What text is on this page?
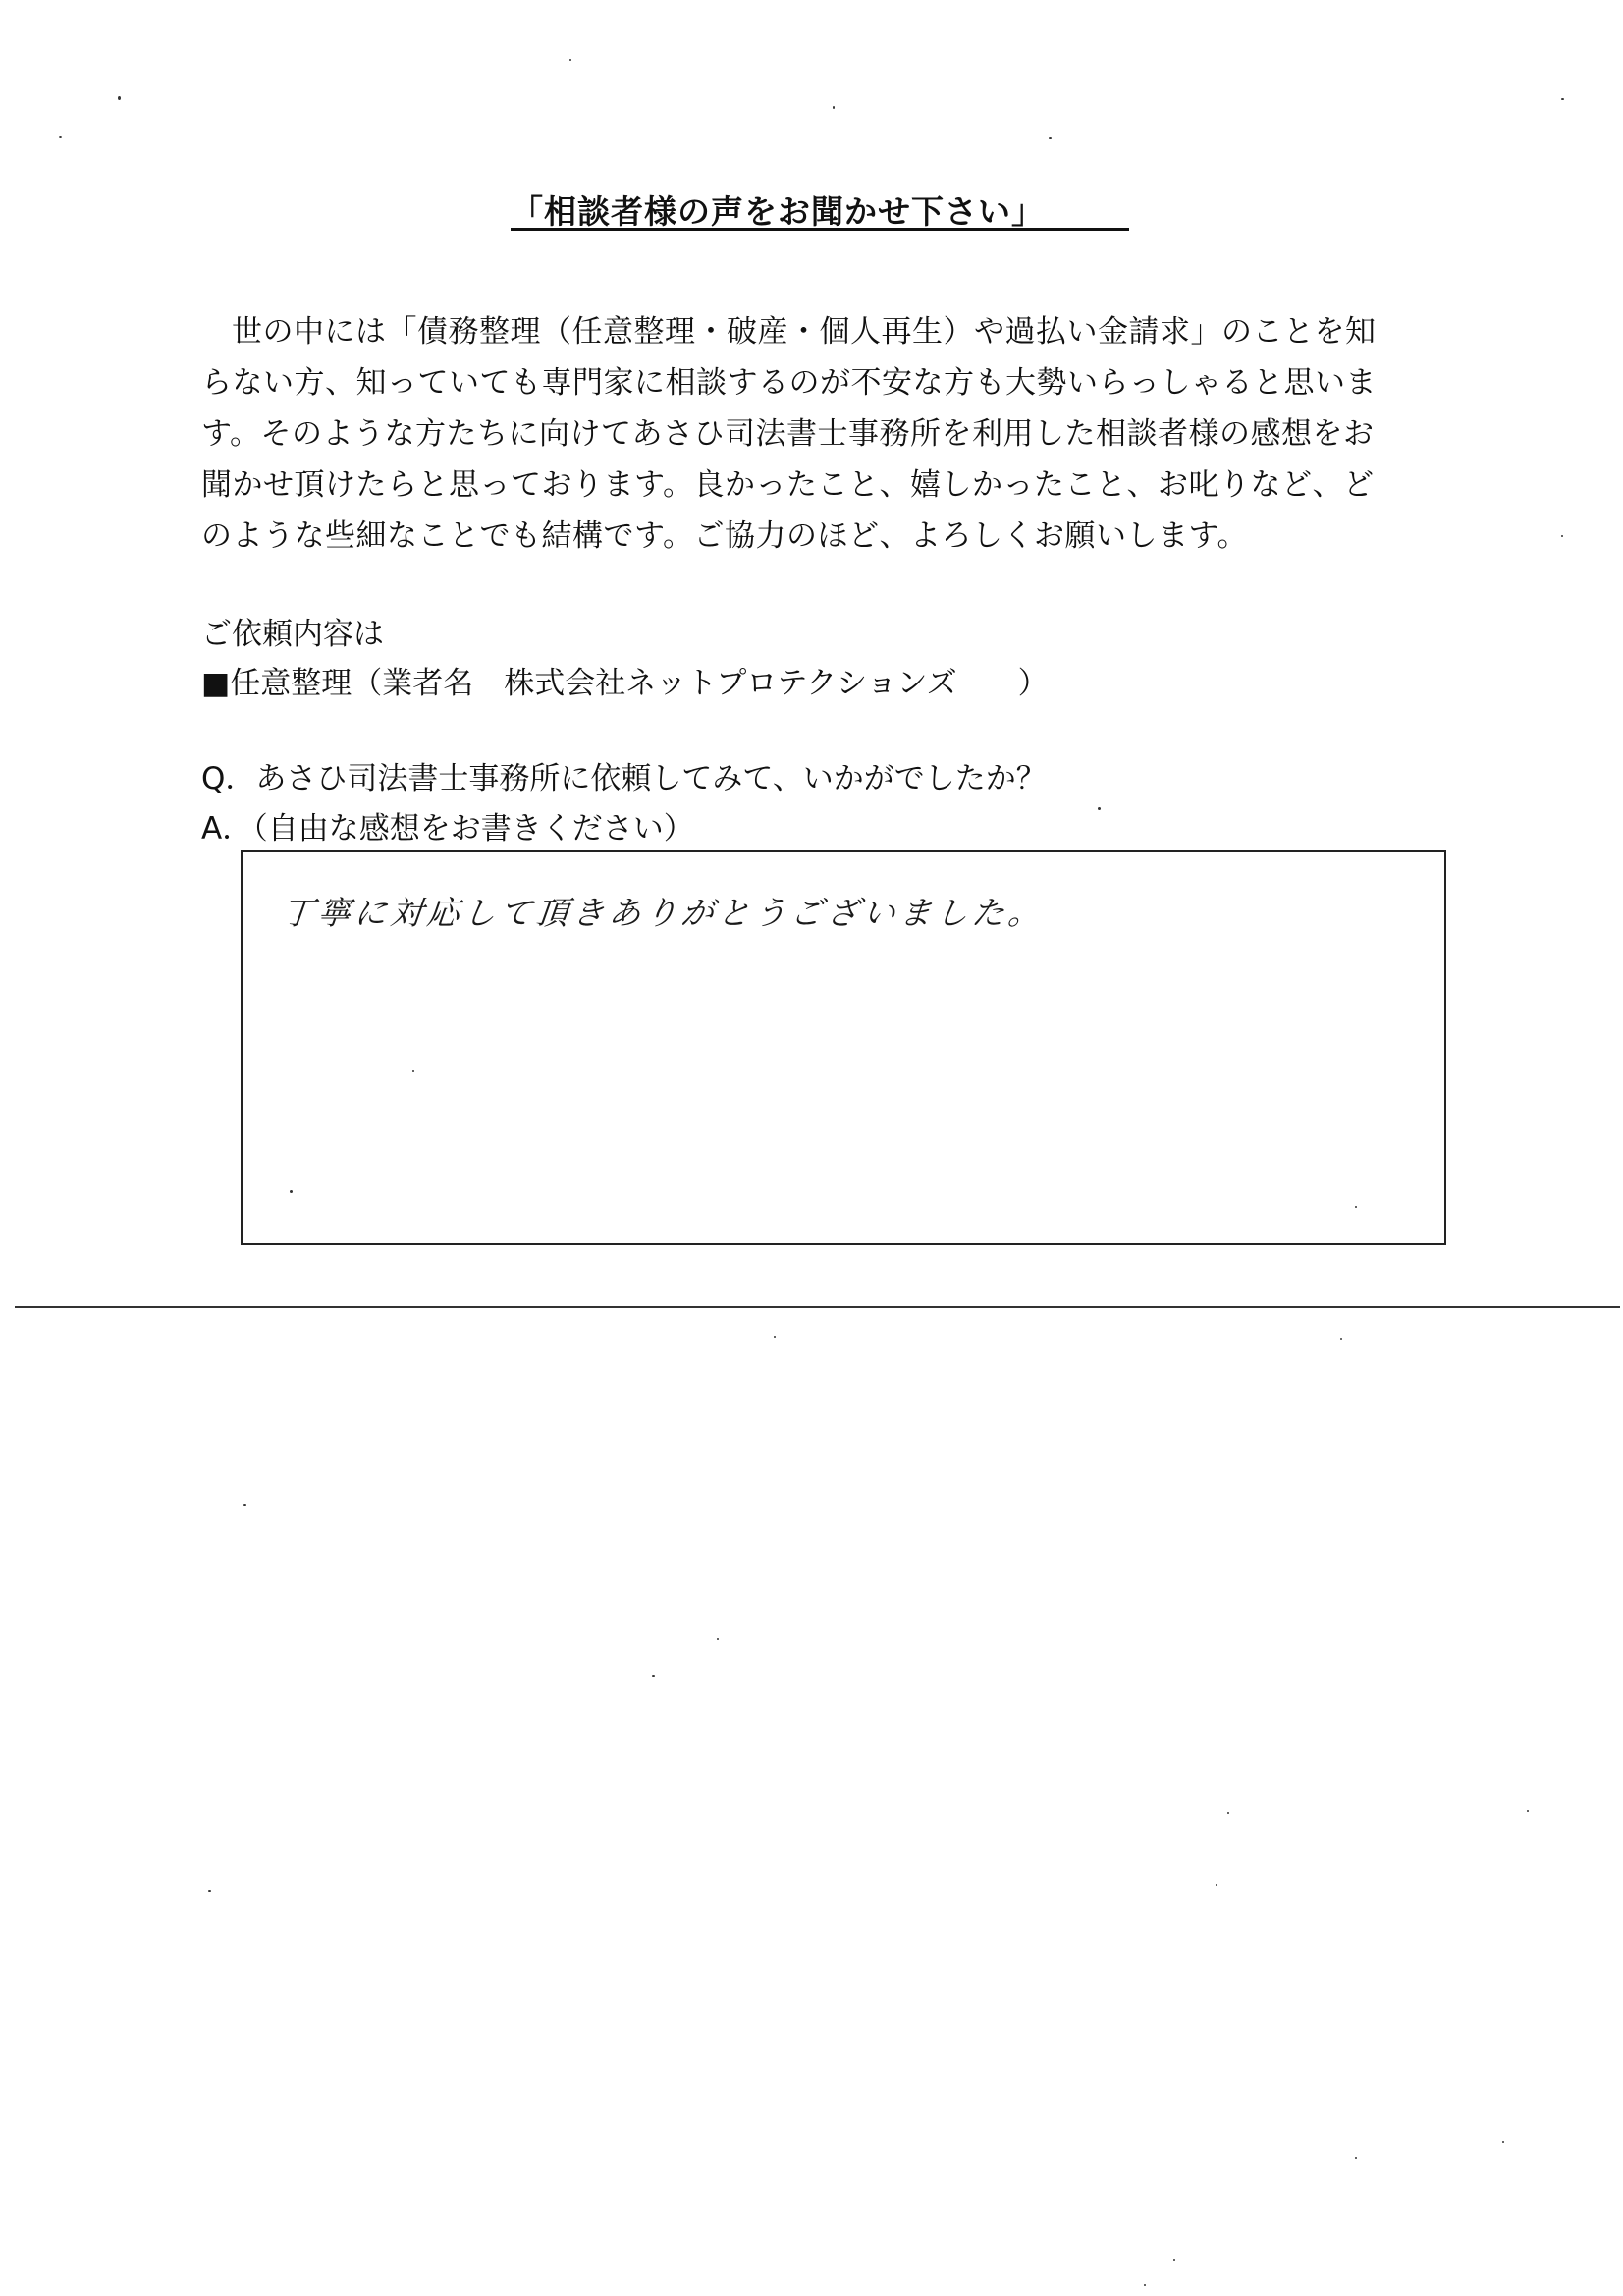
「相談者様の声をお聞かせ下さい」
世の中には「債務整理（任意整理・破産・個人再生）や過払い金請求」のことを知
らない方、知っていても専門家に相談するのが不安な方も大勢いらっしゃると思いま
す。そのような方たちに向けてあさひ司法書士事務所を利用した相談者様の感想をお
聞かせ頂けたらと思っております。良かったこと、嬉しかったこと、お叱りなど、ど
のような些細なことでも結構です。ご協力のほど、よろしくお願いします。
ご依頼内容は
■任意整理（業者名　株式会社ネットプロテクションズ　　）
Q．あさひ司法書士事務所に依頼してみて、いかがでしたか？
A．（自由な感想をお書きください）
丁寧に対応して頂きありがとうございました。
